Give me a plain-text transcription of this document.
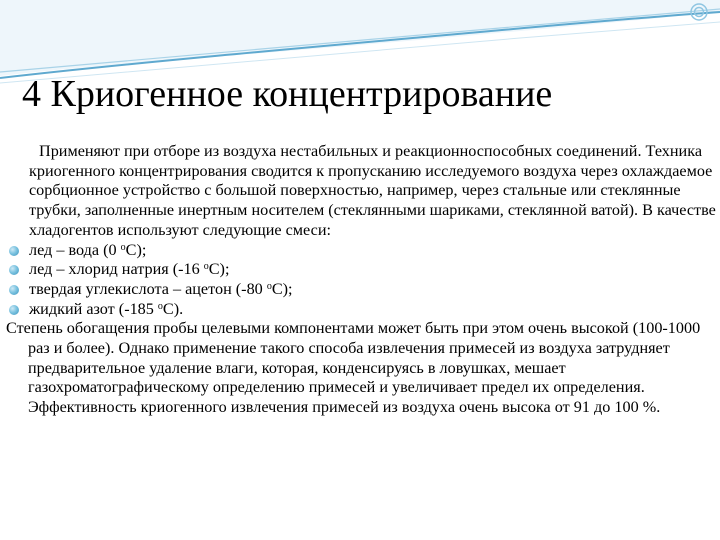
4 Криогенное концентрирование

Применяют при отборе из воздуха нестабильных и реакционноспособных соединений. Техника криогенного концентрирования сводится к пропусканию исследуемого воздуха через охлаждаемое сорбционное устройство с большой поверхностью, например, через стальные или стеклянные трубки, заполненные инертным носителем (стеклянными шариками, стеклянной ватой). В качестве хладогентов используют следующие смеси:

лед – вода (0 $^о$С);

лед – хлорид натрия (-16 $^о$С);

твердая углекислота – ацетон (-80 $^о$С);

жидкий азот (-185 $^о$С).

Степень обогащения пробы целевыми компонентами может быть при этом очень высокой (100-1000 раз и более). Однако применение такого способа извлечения примесей из воздуха затрудняет предварительное удаление влаги, которая, конденсируясь в ловушках, мешает газохроматографическому определению примесей и увеличивает предел их определения. Эффективность криогенного извлечения примесей из воздуха очень высока от 91 до 100 %.
